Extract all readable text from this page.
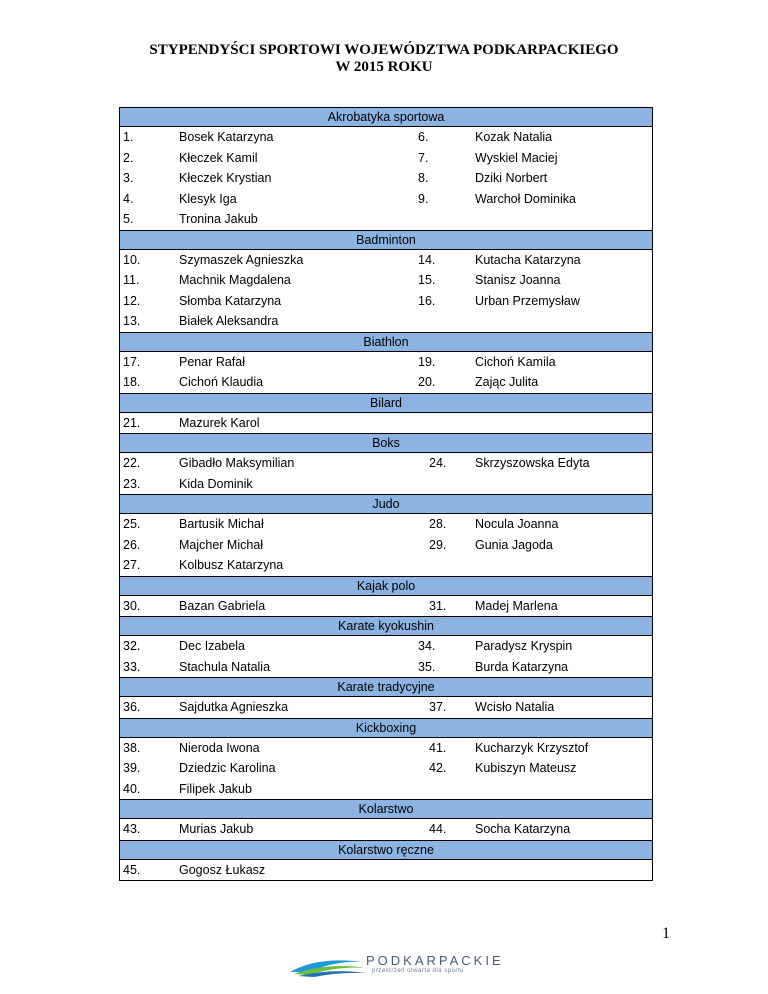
STYPENDYŚCI SPORTOWI WOJEWÓDZTWA PODKARPACKIEGO
W 2015 ROKU
Akrobatyka sportowa
1.	Bosek Katarzyna	6.	Kozak Natalia
2.	Kłeczek Kamil	7.	Wyskiel Maciej
3.	Kłeczek Krystian	8.	Dziki Norbert
4.	Klesyk Iga	9.	Warchoł Dominika
5.	Tronina Jakub
Badminton
10.	Szymaszek Agnieszka	14.	Kutacha Katarzyna
11.	Machnik Magdalena	15.	Stanisz Joanna
12.	Słomba Katarzyna	16.	Urban Przemysław
13.	Białek Aleksandra
Biathlon
17.	Penar Rafał	19.	Cichoń Kamila
18.	Cichoń Klaudia	20.	Zając Julita
Bilard
21.	Mazurek Karol
Boks
22.	Gibadło Maksymilian	24. Skrzyszowska Edyta
23.	Kida Dominik
Judo
25.	Bartusik Michał	28. Nocula Joanna
26.	Majcher Michał	29. Gunia Jagoda
27.	Kolbusz Katarzyna
Kajak polo
30.	Bazan Gabriela	31. Madej Marlena
Karate kyokushin
32.	Dec Izabela	34.	Paradysz Kryspin
33.	Stachula Natalia	35.	Burda Katarzyna
Karate tradycyjne
36.	Sajdutka Agnieszka	37. Wcisło Natalia
Kickboxing
38.	Nieroda Iwona	41. Kucharzyk Krzysztof
39.	Dziedzic Karolina	42. Kubiszyn Mateusz
40.	Filipek Jakub
Kolarstwo
43.	Murias Jakub	44. Socha Katarzyna
Kolarstwo ręczne
45.	Gogosz Łukasz
1
PODKARPACKIE
przestrzeń otwarta dla sportu
